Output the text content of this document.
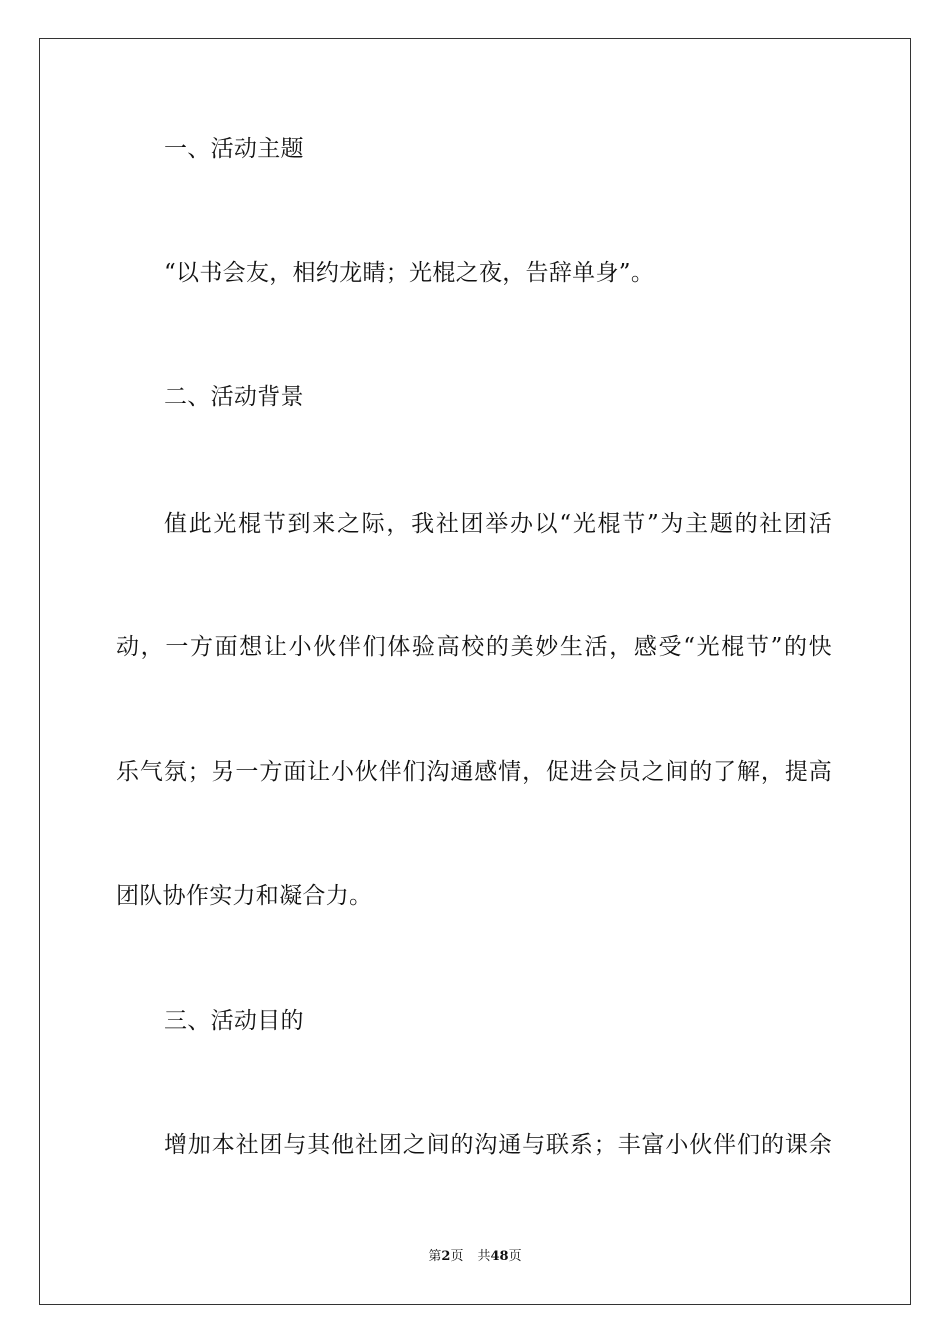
一、活动主题
“以书会友，相约龙睛；光棍之夜，告辞单身”。
二、活动背景
值此光棍节到来之际，我社团举办以“光棍节”为主题的社团活
动，一方面想让小伙伴们体验高校的美妙生活，感受“光棍节”的快
乐气氛；另一方面让小伙伴们沟通感情，促进会员之间的了解，提高
团队协作实力和凝合力。
三、活动目的
增加本社团与其他社团之间的沟通与联系；丰富小伙伴们的课余
第2页 共48页
